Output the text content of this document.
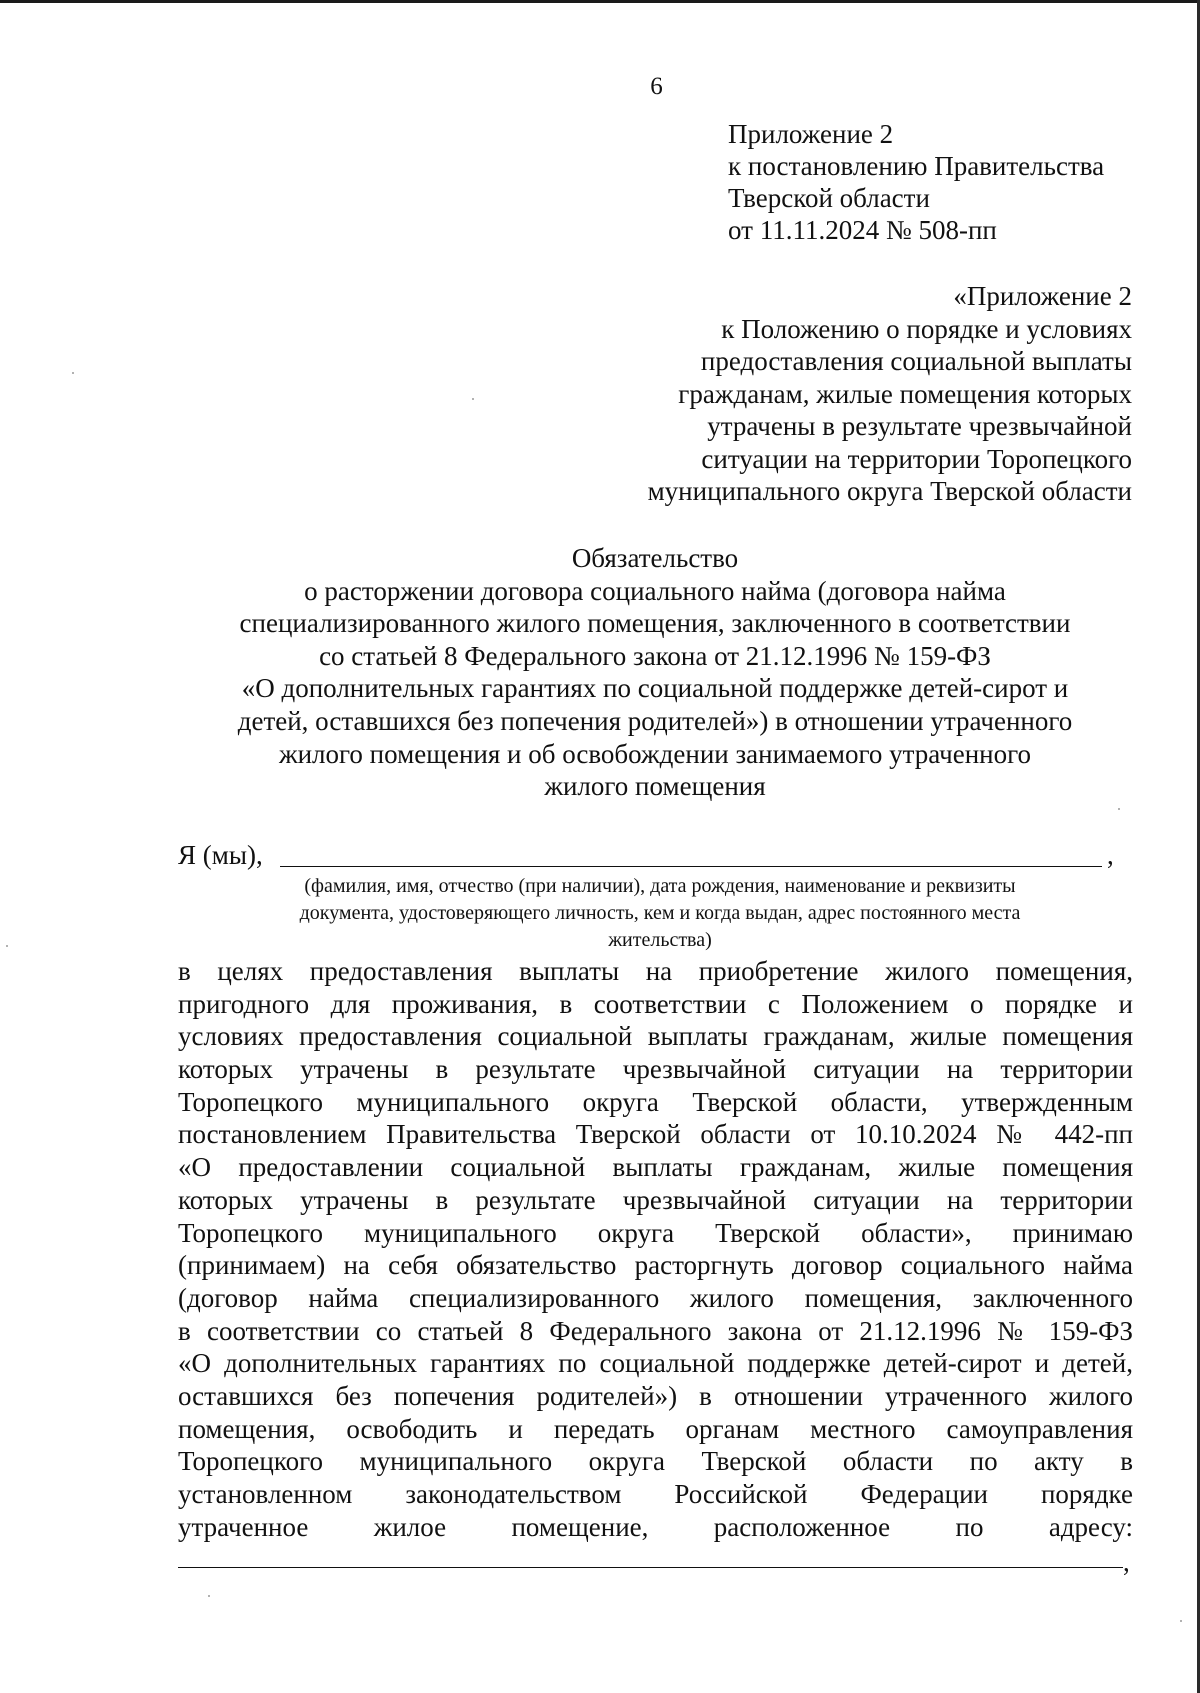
6
Приложение 2
к постановлению Правительства
Тверской области
от 11.11.2024 № 508-пп
«Приложение 2
к Положению о порядке и условиях
предоставления социальной выплаты
гражданам, жилые помещения которых
утрачены в результате чрезвычайной
ситуации на территории Торопецкого
муниципального округа Тверской области
Обязательство
о расторжении договора социального найма (договора найма
специализированного жилого помещения, заключенного в соответствии
со статьей 8 Федерального закона от 21.12.1996 № 159-ФЗ
«О дополнительных гарантиях по социальной поддержке детей-сирот и
детей, оставшихся без попечения родителей») в отношении утраченного
жилого помещения и об освобождении занимаемого утраченного
жилого помещения
Я (мы),	,
(фамилия, имя, отчество (при наличии), дата рождения, наименование и реквизиты
документа, удостоверяющего личность, кем и когда выдан, адрес постоянного места
жительства)
в целях предоставления выплаты на приобретение жилого помещения,
пригодного для проживания, в соответствии с Положением о порядке и
условиях предоставления социальной выплаты гражданам, жилые помещения
которых утрачены в результате чрезвычайной ситуации на территории
Торопецкого муниципального округа Тверской области, утвержденным
постановлением Правительства Тверской области от 10.10.2024 № 442-пп
«О предоставлении социальной выплаты гражданам, жилые помещения
которых утрачены в результате чрезвычайной ситуации на территории
Торопецкого муниципального округа Тверской области», принимаю
(принимаем) на себя обязательство расторгнуть договор социального найма
(договор найма специализированного жилого помещения, заключенного
в соответствии со статьей 8 Федерального закона от 21.12.1996 № 159-ФЗ
«О дополнительных гарантиях по социальной поддержке детей-сирот и детей,
оставшихся без попечения родителей») в отношении утраченного жилого
помещения, освободить и передать органам местного самоуправления
Торопецкого муниципального округа Тверской области по акту в
установленном законодательством Российской Федерации порядке
утраченное жилое помещение, расположенное по адресу:
,
